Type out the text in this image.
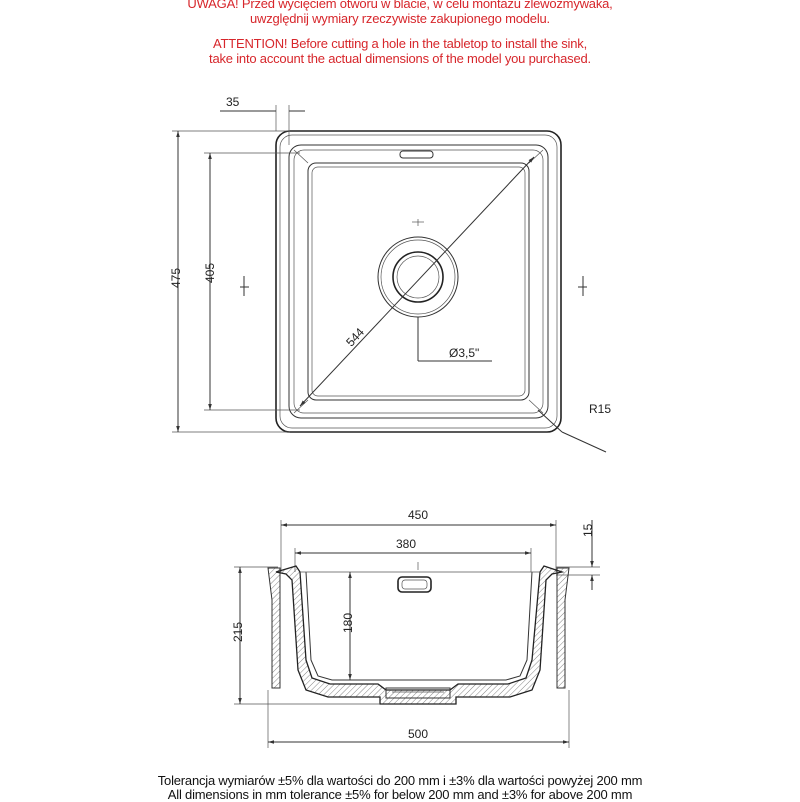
UWAGA! Przed wycięciem otworu w blacie, w celu montażu zlewozmywaka,
uwzględnij wymiary rzeczywiste zakupionego modelu.
ATTENTION! Before cutting a hole in the tabletop to install the sink,
take into account the actual dimensions of the model you purchased.
544
Ø3,5"
35
475 405
R15
450
380
15
215	180
500
Tolerancja wymiarów ±5% dla wartości do 200 mm i ±3% dla wartości powyżej 200 mm
All dimensions in mm tolerance ±5% for below 200 mm and ±3% for above 200 mm
